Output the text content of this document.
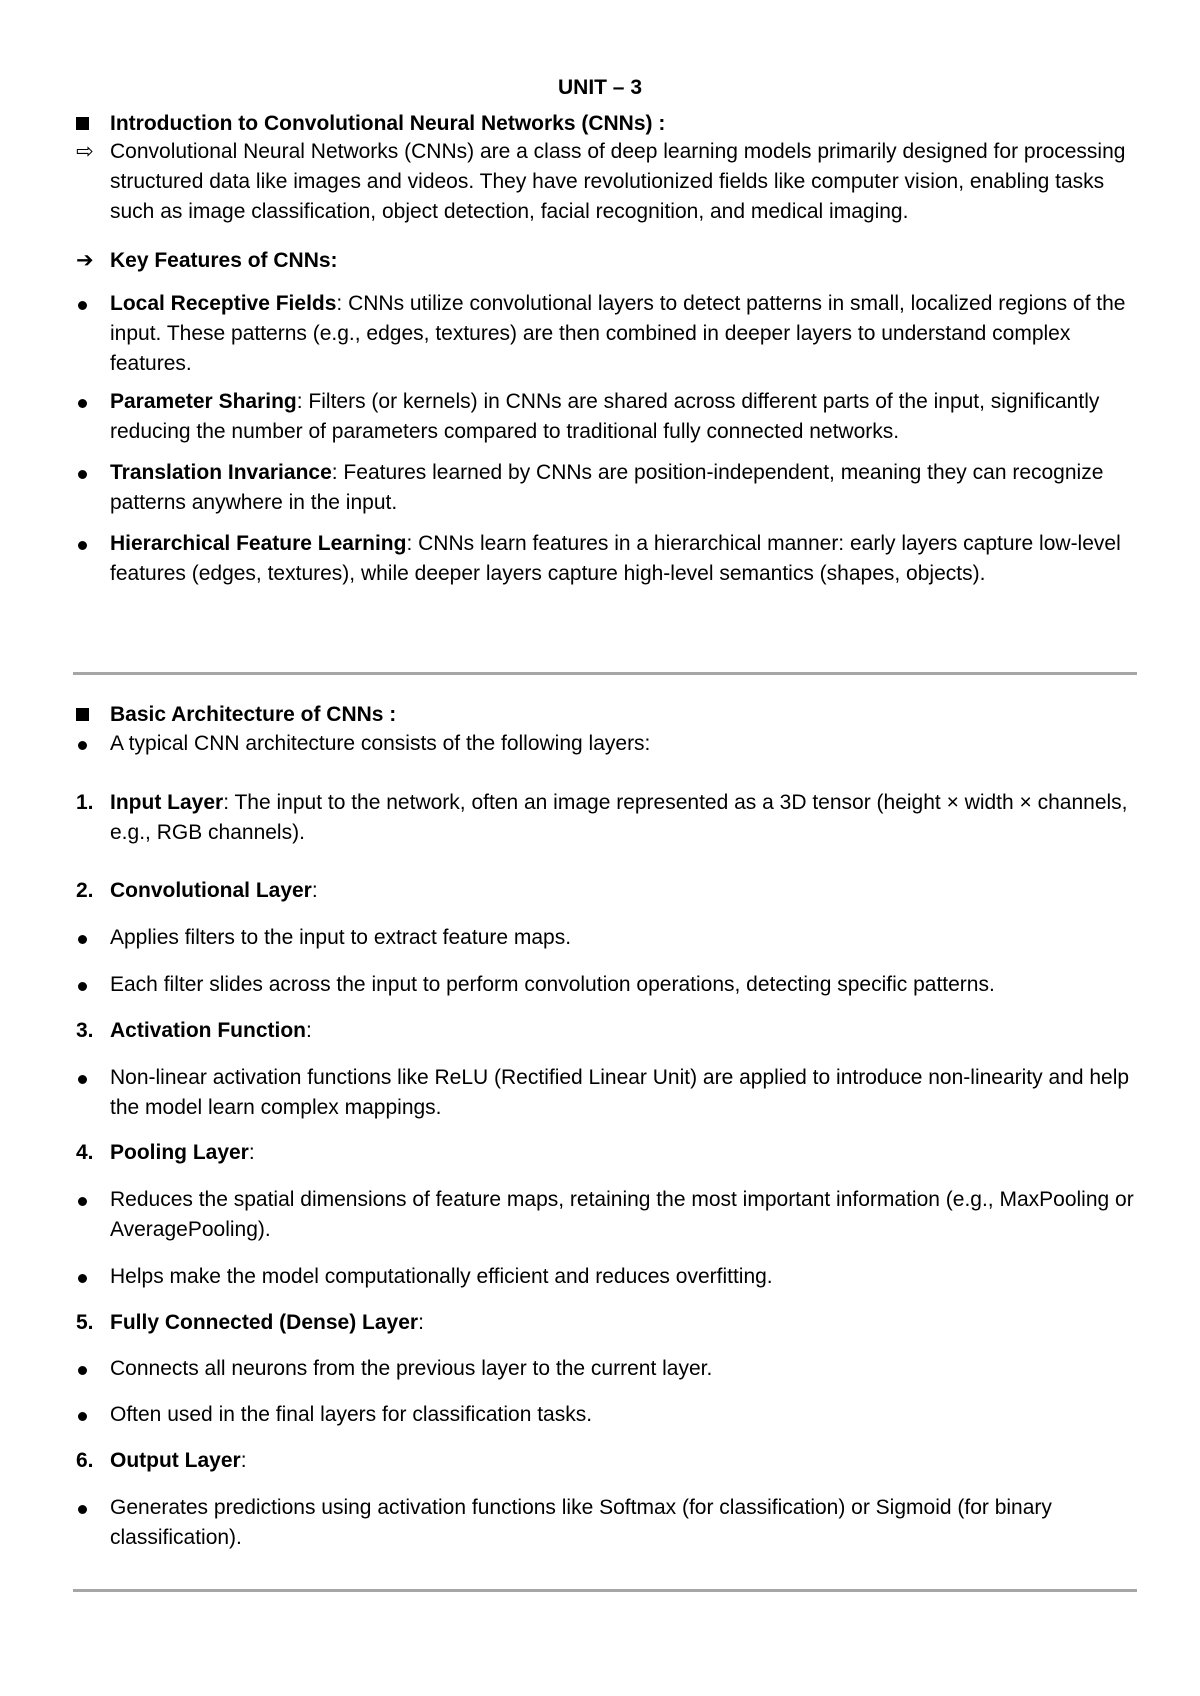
UNIT – 3
Introduction to Convolutional Neural Networks (CNNs) :
⇨ Convolutional Neural Networks (CNNs) are a class of deep learning models primarily designed for processing structured data like images and videos. They have revolutionized fields like computer vision, enabling tasks such as image classification, object detection, facial recognition, and medical imaging.
➔ Key Features of CNNs:
Local Receptive Fields: CNNs utilize convolutional layers to detect patterns in small, localized regions of the input. These patterns (e.g., edges, textures) are then combined in deeper layers to understand complex features.
Parameter Sharing: Filters (or kernels) in CNNs are shared across different parts of the input, significantly reducing the number of parameters compared to traditional fully connected networks.
Translation Invariance: Features learned by CNNs are position-independent, meaning they can recognize patterns anywhere in the input.
Hierarchical Feature Learning: CNNs learn features in a hierarchical manner: early layers capture low-level features (edges, textures), while deeper layers capture high-level semantics (shapes, objects).
Basic Architecture of CNNs :
A typical CNN architecture consists of the following layers:
1. Input Layer: The input to the network, often an image represented as a 3D tensor (height × width × channels, e.g., RGB channels).
2. Convolutional Layer:
Applies filters to the input to extract feature maps.
Each filter slides across the input to perform convolution operations, detecting specific patterns.
3. Activation Function:
Non-linear activation functions like ReLU (Rectified Linear Unit) are applied to introduce non-linearity and help the model learn complex mappings.
4. Pooling Layer:
Reduces the spatial dimensions of feature maps, retaining the most important information (e.g., MaxPooling or AveragePooling).
Helps make the model computationally efficient and reduces overfitting.
5. Fully Connected (Dense) Layer:
Connects all neurons from the previous layer to the current layer.
Often used in the final layers for classification tasks.
6. Output Layer:
Generates predictions using activation functions like Softmax (for classification) or Sigmoid (for binary classification).
